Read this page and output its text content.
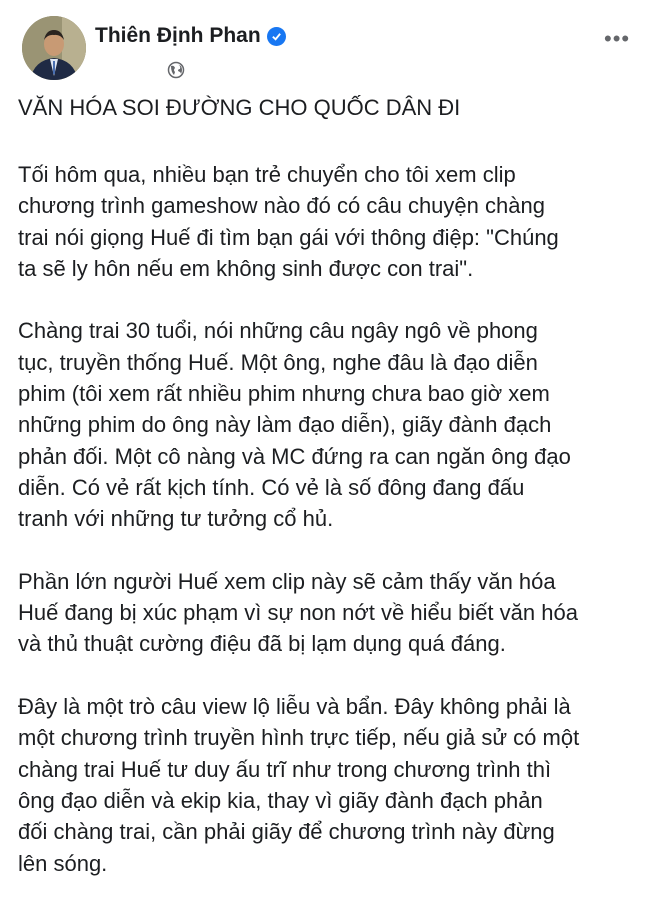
Thiên Định Phan	•••
VĂN HÓA SOI ĐƯỜNG CHO QUỐC DÂN ĐI
Tối hôm qua, nhiều bạn trẻ chuyển cho tôi xem clip
chương trình gameshow nào đó có câu chuyện chàng
trai nói giọng Huế đi tìm bạn gái với thông điệp: "Chúng
ta sẽ ly hôn nếu em không sinh được con trai".
Chàng trai 30 tuổi, nói những câu ngây ngô về phong
tục, truyền thống Huế. Một ông, nghe đâu là đạo diễn
phim (tôi xem rất nhiều phim nhưng chưa bao giờ xem
những phim do ông này làm đạo diễn), giãy đành đạch
phản đối. Một cô nàng và MC đứng ra can ngăn ông đạo
diễn. Có vẻ rất kịch tính. Có vẻ là số đông đang đấu
tranh với những tư tưởng cổ hủ.
Phần lớn người Huế xem clip này sẽ cảm thấy văn hóa
Huế đang bị xúc phạm vì sự non nớt về hiểu biết văn hóa
và thủ thuật cường điệu đã bị lạm dụng quá đáng.
Đây là một trò câu view lộ liễu và bẩn. Đây không phải là
một chương trình truyền hình trực tiếp, nếu giả sử có một
chàng trai Huế tư duy ấu trĩ như trong chương trình thì
ông đạo diễn và ekip kia, thay vì giãy đành đạch phản
đối chàng trai, cần phải giãy để chương trình này đừng
lên sóng.
